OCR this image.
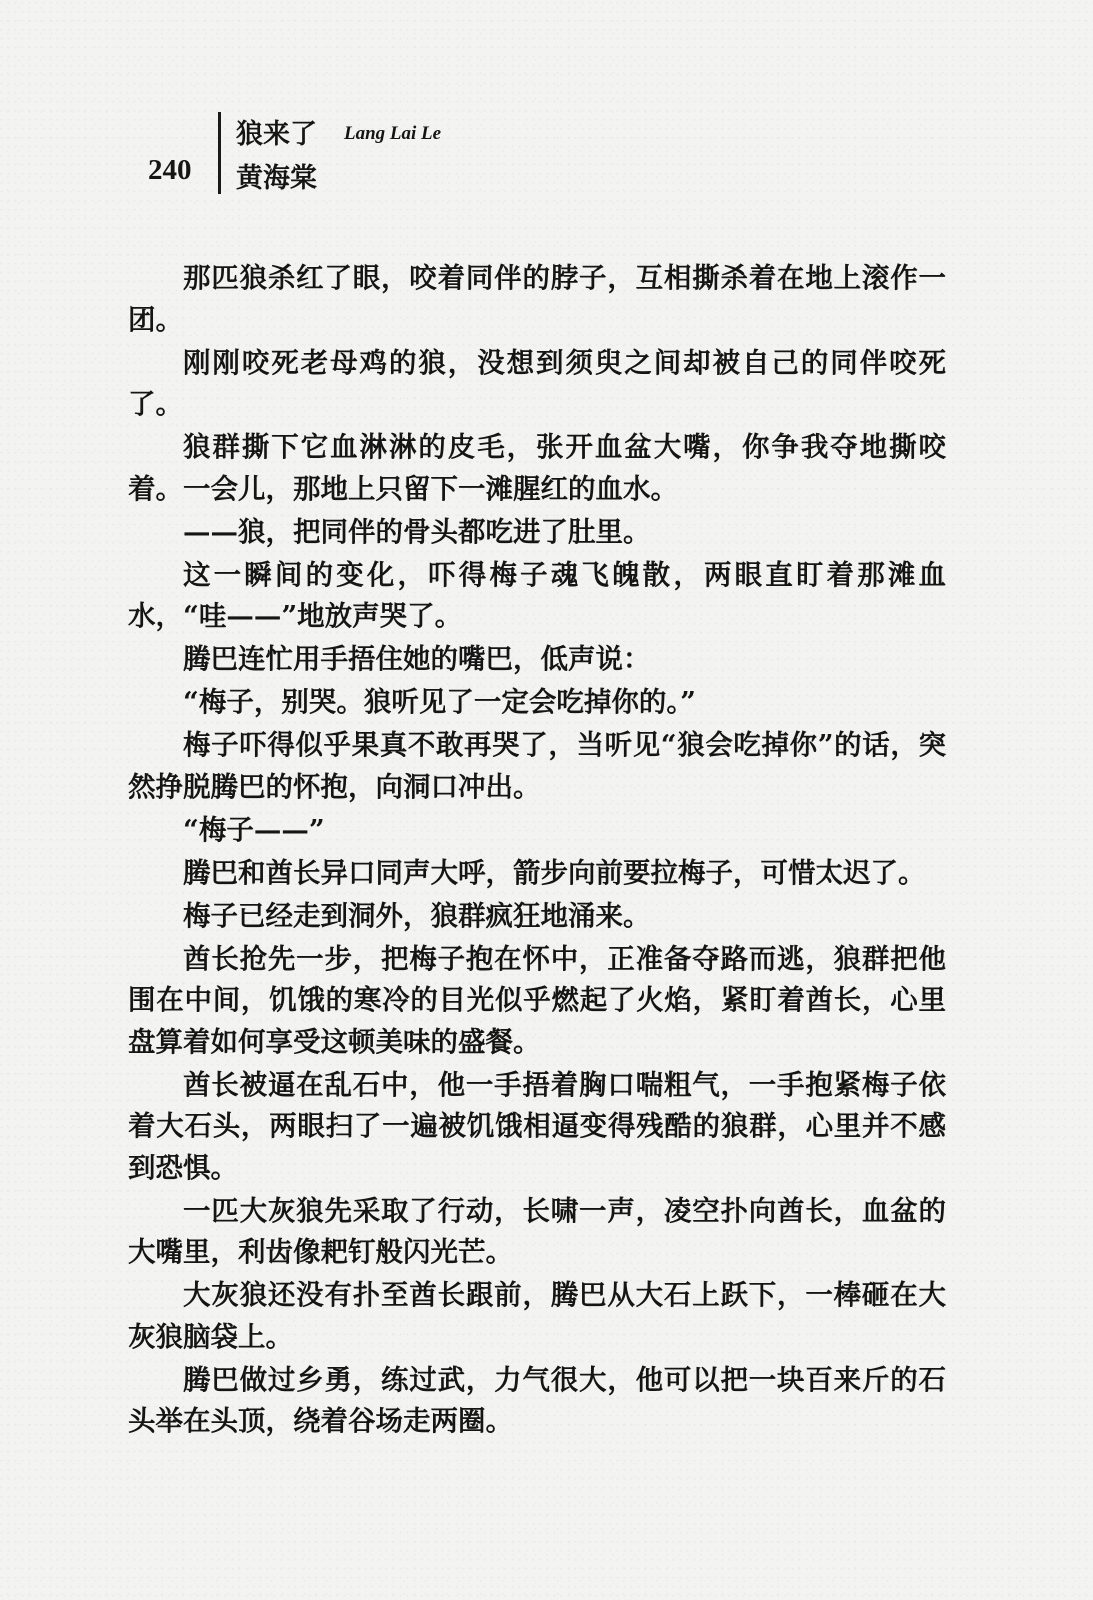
240
狼来了 Lang Lai Le
黄海棠

那匹狼杀红了眼，咬着同伴的脖子，互相撕杀着在地上滚作一团。

刚刚咬死老母鸡的狼，没想到须臾之间却被自己的同伴咬死了。

狼群撕下它血淋淋的皮毛，张开血盆大嘴，你争我夺地撕咬着。一会儿，那地上只留下一滩腥红的血水。

——狼，把同伴的骨头都吃进了肚里。

这一瞬间的变化，吓得梅子魂飞魄散，两眼直盯着那滩血水，“哇——”地放声哭了。

腾巴连忙用手捂住她的嘴巴，低声说：

“梅子，别哭。狼听见了一定会吃掉你的。”

梅子吓得似乎果真不敢再哭了，当听见“狼会吃掉你”的话，突然挣脱腾巴的怀抱，向洞口冲出。

“梅子——”

腾巴和酋长异口同声大呼，箭步向前要拉梅子，可惜太迟了。

梅子已经走到洞外，狼群疯狂地涌来。

酋长抢先一步，把梅子抱在怀中，正准备夺路而逃，狼群把他围在中间，饥饿的寒冷的目光似乎燃起了火焰，紧盯着酋长，心里盘算着如何享受这顿美味的盛餐。

酋长被逼在乱石中，他一手捂着胸口喘粗气，一手抱紧梅子依着大石头，两眼扫了一遍被饥饿相逼变得残酷的狼群，心里并不感到恐惧。

一匹大灰狼先采取了行动，长啸一声，凌空扑向酋长，血盆的大嘴里，利齿像耙钉般闪光芒。

大灰狼还没有扑至酋长跟前，腾巴从大石上跃下，一棒砸在大灰狼脑袋上。

腾巴做过乡勇，练过武，力气很大，他可以把一块百来斤的石头举在头顶，绕着谷场走两圈。
